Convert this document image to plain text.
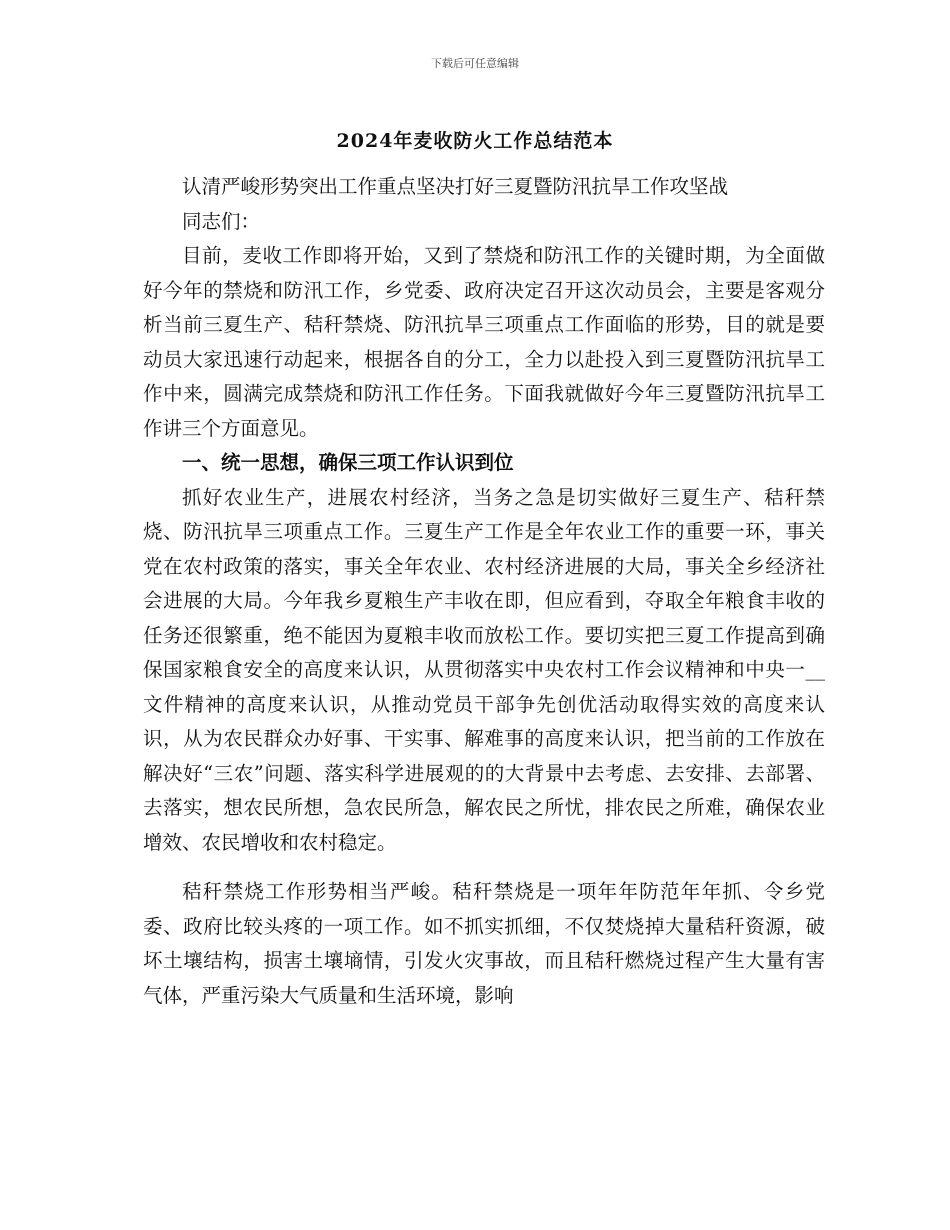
下载后可任意编辑
2024年麦收防火工作总结范本

认清严峻形势突出工作重点坚决打好三夏暨防汛抗旱工作攻坚战

同志们：

目前，麦收工作即将开始，又到了禁烧和防汛工作的关键时期，为全面做好今年的禁烧和防汛工作，乡党委、政府决定召开这次动员会，主要是客观分析当前三夏生产、秸秆禁烧、防汛抗旱三项重点工作面临的形势，目的就是要动员大家迅速行动起来，根据各自的分工，全力以赴投入到三夏暨防汛抗旱工作中来，圆满完成禁烧和防汛工作任务。下面我就做好今年三夏暨防汛抗旱工作讲三个方面意见。

一、统一思想，确保三项工作认识到位

抓好农业生产，进展农村经济，当务之急是切实做好三夏生产、秸秆禁烧、防汛抗旱三项重点工作。三夏生产工作是全年农业工作的重要一环，事关党在农村政策的落实，事关全年农业、农村经济进展的大局，事关全乡经济社会进展的大局。今年我乡夏粮生产丰收在即，但应看到，夺取全年粮食丰收的任务还很繁重，绝不能因为夏粮丰收而放松工作。要切实把三夏工作提高到确保国家粮食安全的高度来认识，从贯彻落实中央农村工作会议精神和中央一__文件精神的高度来认识，从推动党员干部争先创优活动取得实效的高度来认识，从为农民群众办好事、干实事、解难事的高度来认识，把当前的工作放在解决好“三农”问题、落实科学进展观的的大背景中去考虑、去安排、去部署、去落实，想农民所想，急农民所急，解农民之所忧，排农民之所难，确保农业增效、农民增收和农村稳定。

秸秆禁烧工作形势相当严峻。秸秆禁烧是一项年年防范年年抓、令乡党委、政府比较头疼的一项工作。如不抓实抓细，不仅焚烧掉大量秸秆资源，破坏土壤结构，损害土壤墒情，引发火灾事故，而且秸秆燃烧过程产生大量有害气体，严重污染大气质量和生活环境，影响
